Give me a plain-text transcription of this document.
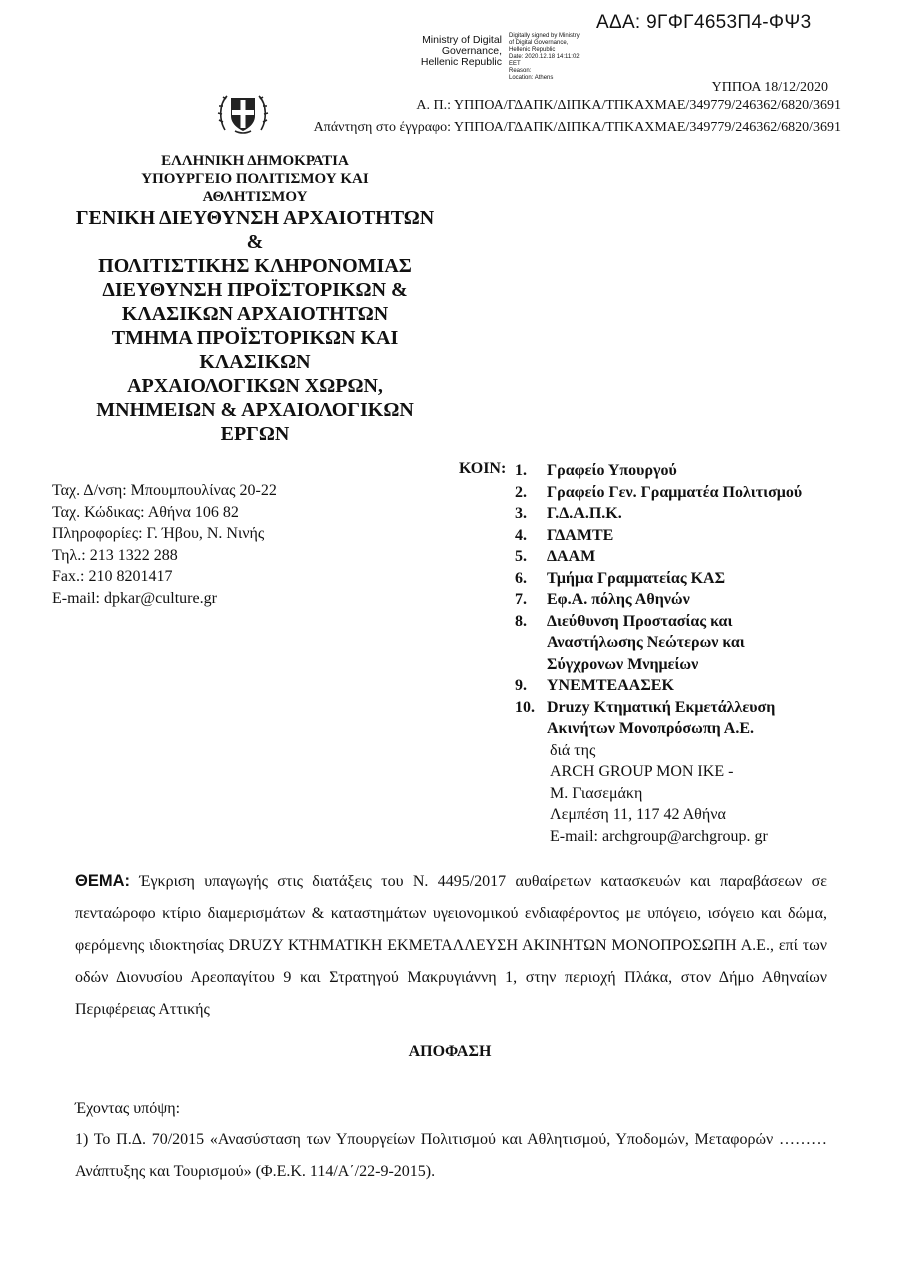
ΑΔΑ: 9ΓΦΓ4653Π4-ΦΨ3
Ministry of Digital
Governance,
Hellenic Republic
Digitally signed by Ministry
of Digital Governance,
Hellenic Republic
Date: 2020.12.18 14:11:02
EET
Reason:
Location: Athens
ΥΠΠΟΑ 18/12/2020
Α. Π.: ΥΠΠΟΑ/ΓΔΑΠΚ/ΔΙΠΚΑ/ΤΠΚΑΧΜΑΕ/349779/246362/6820/3691
Απάντηση στο έγγραφο: ΥΠΠΟΑ/ΓΔΑΠΚ/ΔΙΠΚΑ/ΤΠΚΑΧΜΑΕ/349779/246362/6820/3691
ΕΛΛΗΝΙΚΗ ΔΗΜΟΚΡΑΤΙΑ
ΥΠΟΥΡΓΕΙΟ ΠΟΛΙΤΙΣΜΟΥ ΚΑΙ
ΑΘΛΗΤΙΣΜΟΥ
ΓΕΝΙΚΗ ΔΙΕΥΘΥΝΣΗ ΑΡΧΑΙΟΤΗΤΩΝ
&
ΠΟΛΙΤΙΣΤΙΚΗΣ ΚΛΗΡΟΝΟΜΙΑΣ
ΔΙΕΥΘΥΝΣΗ ΠΡΟΪΣΤΟΡΙΚΩΝ &
ΚΛΑΣΙΚΩΝ ΑΡΧΑΙΟΤΗΤΩΝ
ΤΜΗΜΑ ΠΡΟΪΣΤΟΡΙΚΩΝ ΚΑΙ
ΚΛΑΣΙΚΩΝ
ΑΡΧΑΙΟΛΟΓΙΚΩΝ ΧΩΡΩΝ,
ΜΝΗΜΕΙΩΝ & ΑΡΧΑΙΟΛΟΓΙΚΩΝ
ΕΡΓΩΝ
Ταχ. Δ/νση: Μπουμπουλίνας 20-22
Ταχ. Κώδικας: Αθήνα 106 82
Πληροφορίες: Γ. Ήβου, Ν. Νινής
Τηλ.: 213 1322 288
Fax.: 210 8201417
E-mail: dpkar@culture.gr
ΚΟΙΝ: 1.	Γραφείο Υπουργού
2.	Γραφείο Γεν. Γραμματέα Πολιτισμού
3.	Γ.Δ.Α.Π.Κ.
4.	ΓΔΑΜΤΕ
5.	ΔΑΑΜ
6.	Τμήμα Γραμματείας ΚΑΣ
7.	Εφ.Α. πόλης Αθηνών
8.	Διεύθυνση Προστασίας και
Αναστήλωσης Νεώτερων και
Σύγχρονων Μνημείων
9.	ΥΝΕΜΤΕΑΑΣΕΚ
10. Druzy Κτηματική Εκμετάλλευση
Ακινήτων Μονοπρόσωπη Α.Ε.
διά της
ARCH GROUP MON IKE -
Μ. Γιασεμάκη
Λεμπέση 11, 117 42 Αθήνα
E-mail: archgroup@archgroup. gr
ΘΕΜΑ: Έγκριση υπαγωγής στις διατάξεις του Ν. 4495/2017 αυθαίρετων κατασκευών και παραβάσεων σε πενταώροφο κτίριο διαμερισμάτων & καταστημάτων υγειονομικού ενδιαφέροντος με υπόγειο, ισόγειο και δώμα, φερόμενης ιδιοκτησίας DRUZY ΚΤΗΜΑΤΙΚΗ ΕΚΜΕΤΑΛΛΕΥΣΗ ΑΚΙΝΗΤΩΝ ΜΟΝΟΠΡΟΣΩΠΗ Α.Ε., επί των οδών Διονυσίου Αρεοπαγίτου 9 και Στρατηγού Μακρυγιάννη 1, στην περιοχή Πλάκα, στον Δήμο Αθηναίων Περιφέρειας Αττικής
ΑΠΟΦΑΣΗ
Έχοντας υπόψη:
1) Το Π.Δ. 70/2015 «Ανασύσταση των Υπουργείων Πολιτισμού και Αθλητισμού, Υποδομών, Μεταφορών ……… Ανάπτυξης και Τουρισμού» (Φ.Ε.Κ. 114/Α΄/22-9-2015).
